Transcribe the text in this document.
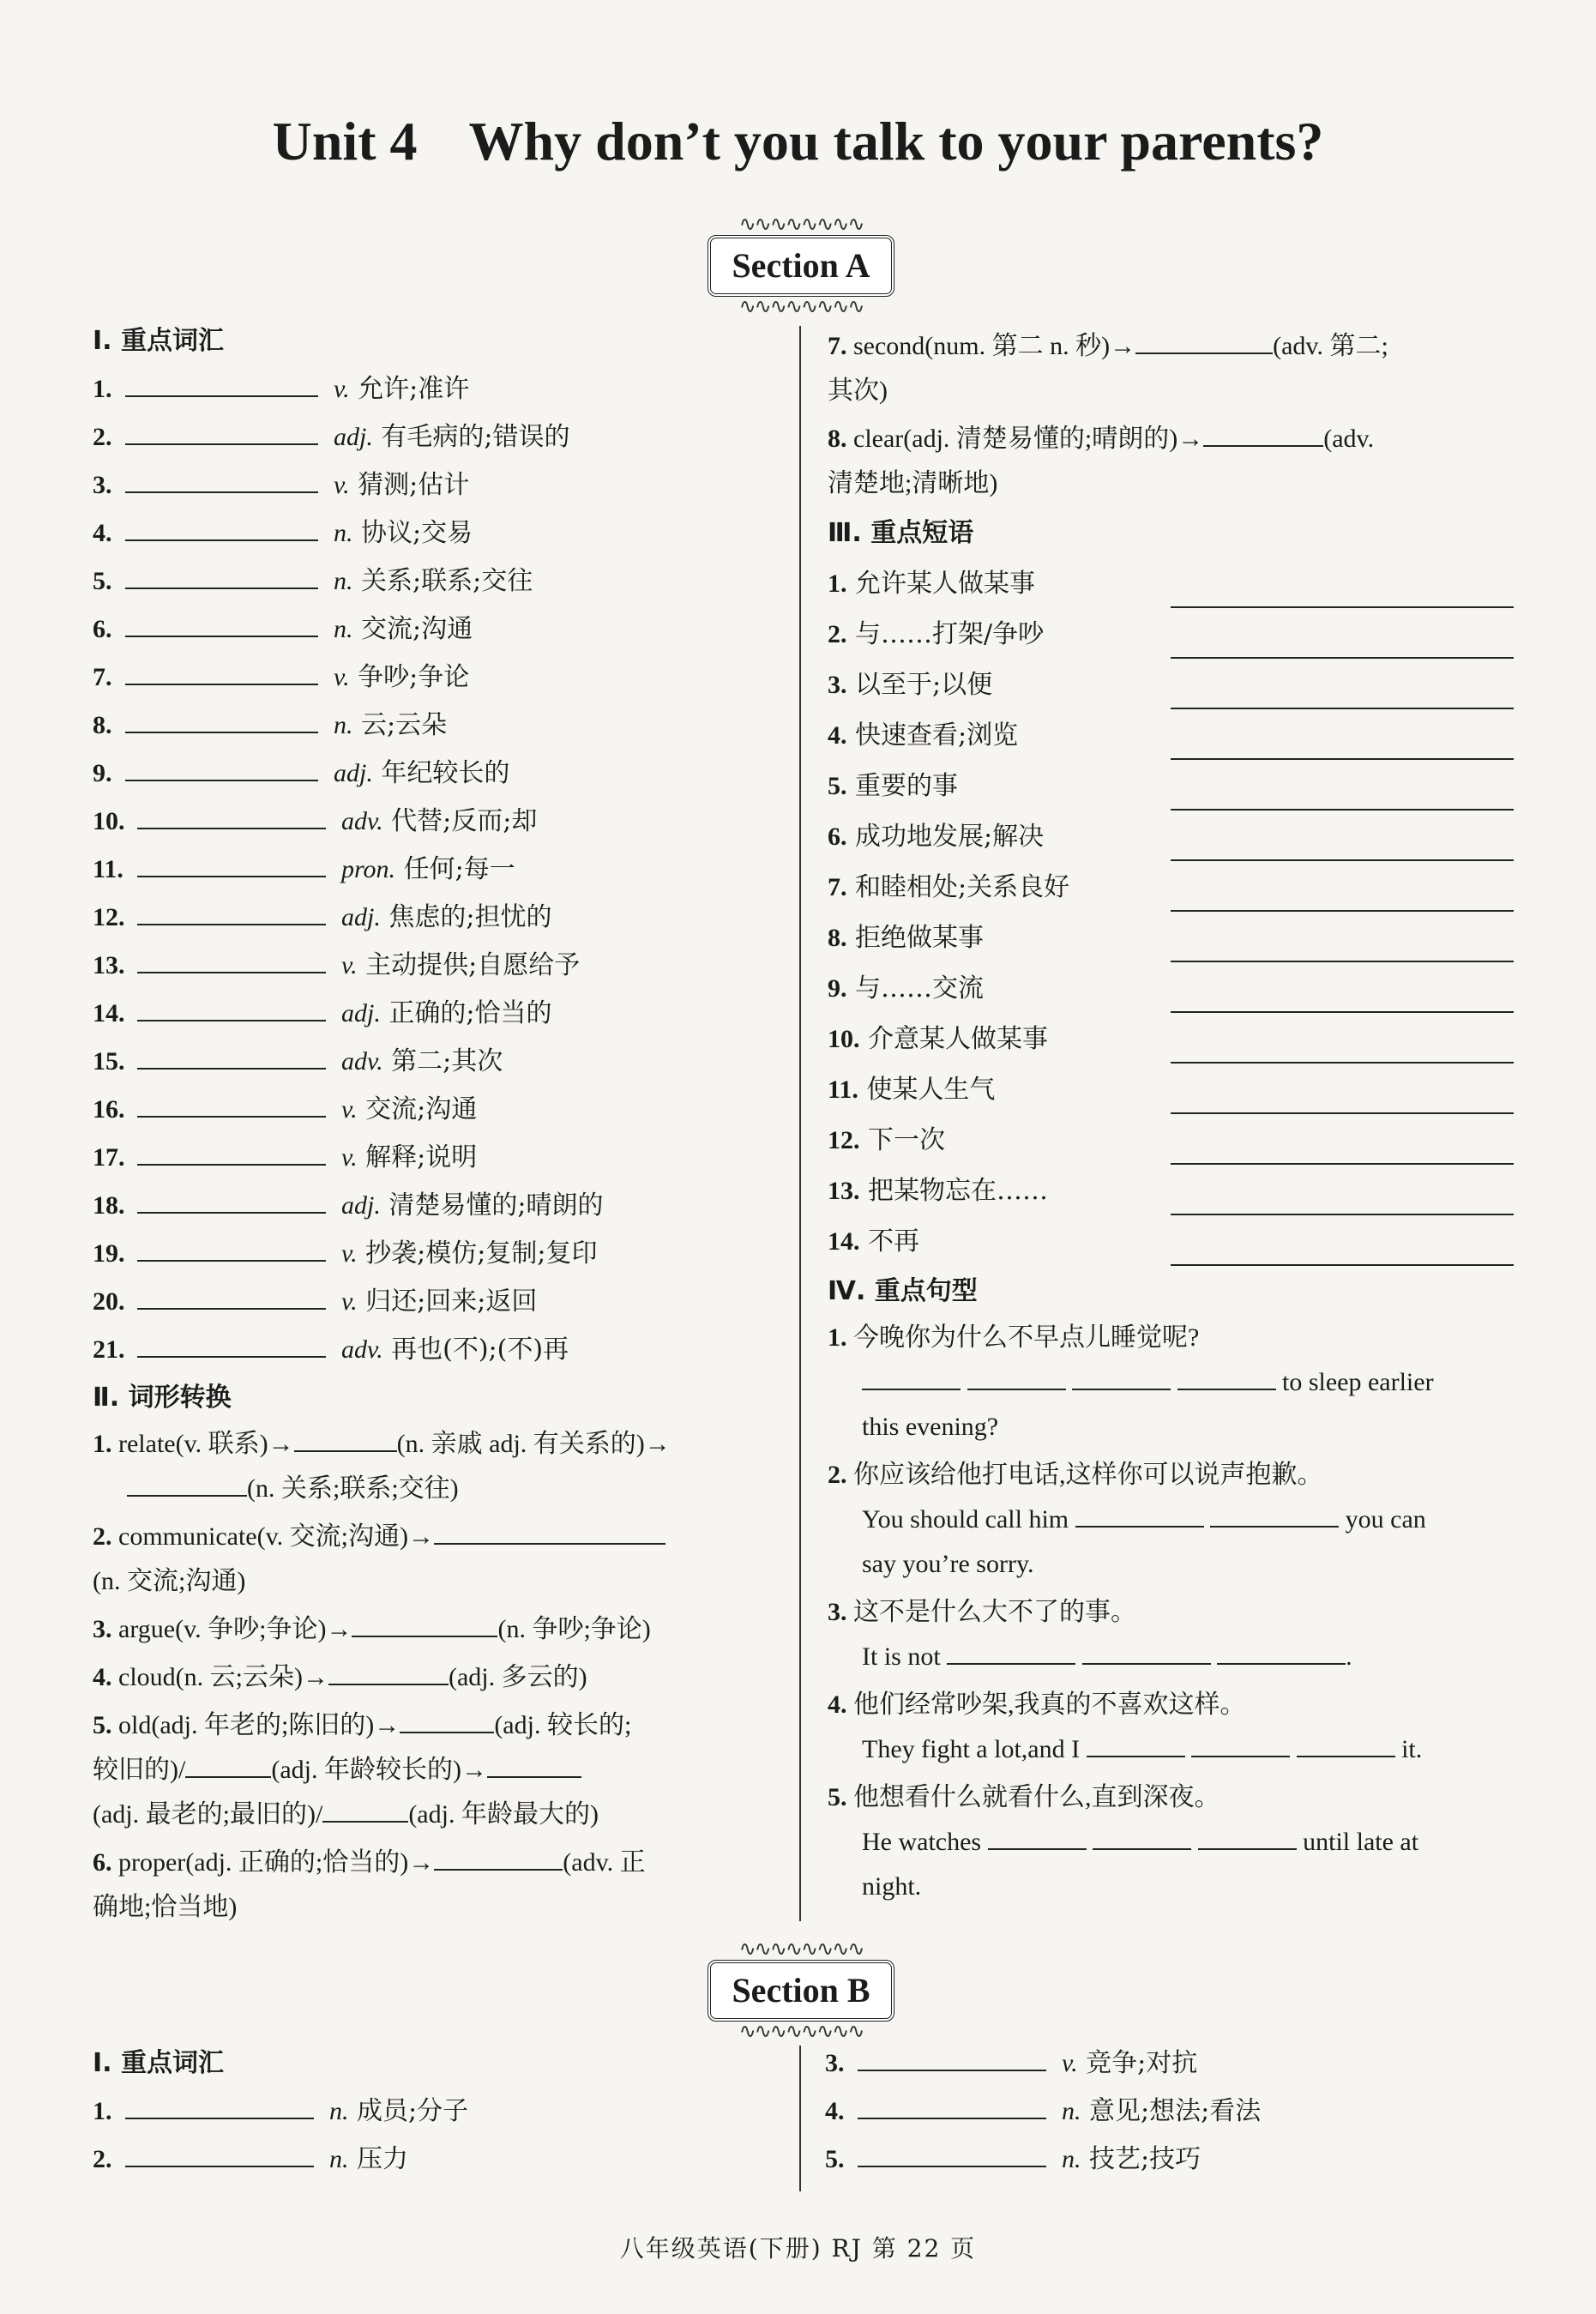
Unit 4 Why don’t you talk to your parents?
∿∿∿∿∿∿∿∿ Section A ∿∿∿∿∿∿∿∿
Ⅰ. 重点词汇
1.	v. 允许;准许
2.	adj. 有毛病的;错误的
3.	v. 猜测;估计
4.	n. 协议;交易
5.	n. 关系;联系;交往
6.	n. 交流;沟通
7.	v. 争吵;争论
8.	n. 云;云朵
9.	adj. 年纪较长的
10.	adv. 代替;反而;却
11.	pron. 任何;每一
12.	adj. 焦虑的;担忧的
13.	v. 主动提供;自愿给予
14.	adj. 正确的;恰当的
15.	adv. 第二;其次
16.	v. 交流;沟通
17.	v. 解释;说明
18.	adj. 清楚易懂的;晴朗的
19.	v. 抄袭;模仿;复制;复印
20.	v. 归还;回来;返回
21.	adv. 再也(不);(不)再
Ⅱ. 词形转换
1. relate(v. 联系)→	(n. 亲戚 adj. 有关系的)→
(n. 关系;联系;交往)
2. communicate(v. 交流;沟通)→
(n. 交流;沟通)
3. argue(v. 争吵;争论)→	(n. 争吵;争论)
4. cloud(n. 云;云朵)→	(adj. 多云的)
5. old(adj. 年老的;陈旧的)→	(adj. 较长的;
较旧的)/	(adj. 年龄较长的)→
(adj. 最老的;最旧的)/	(adj. 年龄最大的)
6. proper(adj. 正确的;恰当的)→	(adv. 正
确地;恰当地)
7. second(num. 第二 n. 秒)→	(adv. 第二;
其次)
8. clear(adj. 清楚易懂的;晴朗的)→	(adv.
清楚地;清晰地)
Ⅲ. 重点短语
1. 允许某人做某事
2. 与……打架/争吵
3. 以至于;以便
4. 快速查看;浏览
5. 重要的事
6. 成功地发展;解决
7. 和睦相处;关系良好
8. 拒绝做某事
9. 与……交流
10. 介意某人做某事
11. 使某人生气
12. 下一次
13. 把某物忘在……
14. 不再
Ⅳ. 重点句型
1. 今晚你为什么不早点儿睡觉呢?
to sleep earlier
this evening?
2. 你应该给他打电话,这样你可以说声抱歉。
You should call him	you can
say you’re sorry.
3. 这不是什么大不了的事。
It is not	.
4. 他们经常吵架,我真的不喜欢这样。
They fight a lot,and I	it.
5. 他想看什么就看什么,直到深夜。
He watches	until late at
night.
∿∿∿∿∿∿∿∿ Section B ∿∿∿∿∿∿∿∿
Ⅰ. 重点词汇
1.	n. 成员;分子
2.	n. 压力
3.	v. 竞争;对抗
4.	n. 意见;想法;看法
5.	n. 技艺;技巧
八年级英语(下册) RJ 第 22 页
